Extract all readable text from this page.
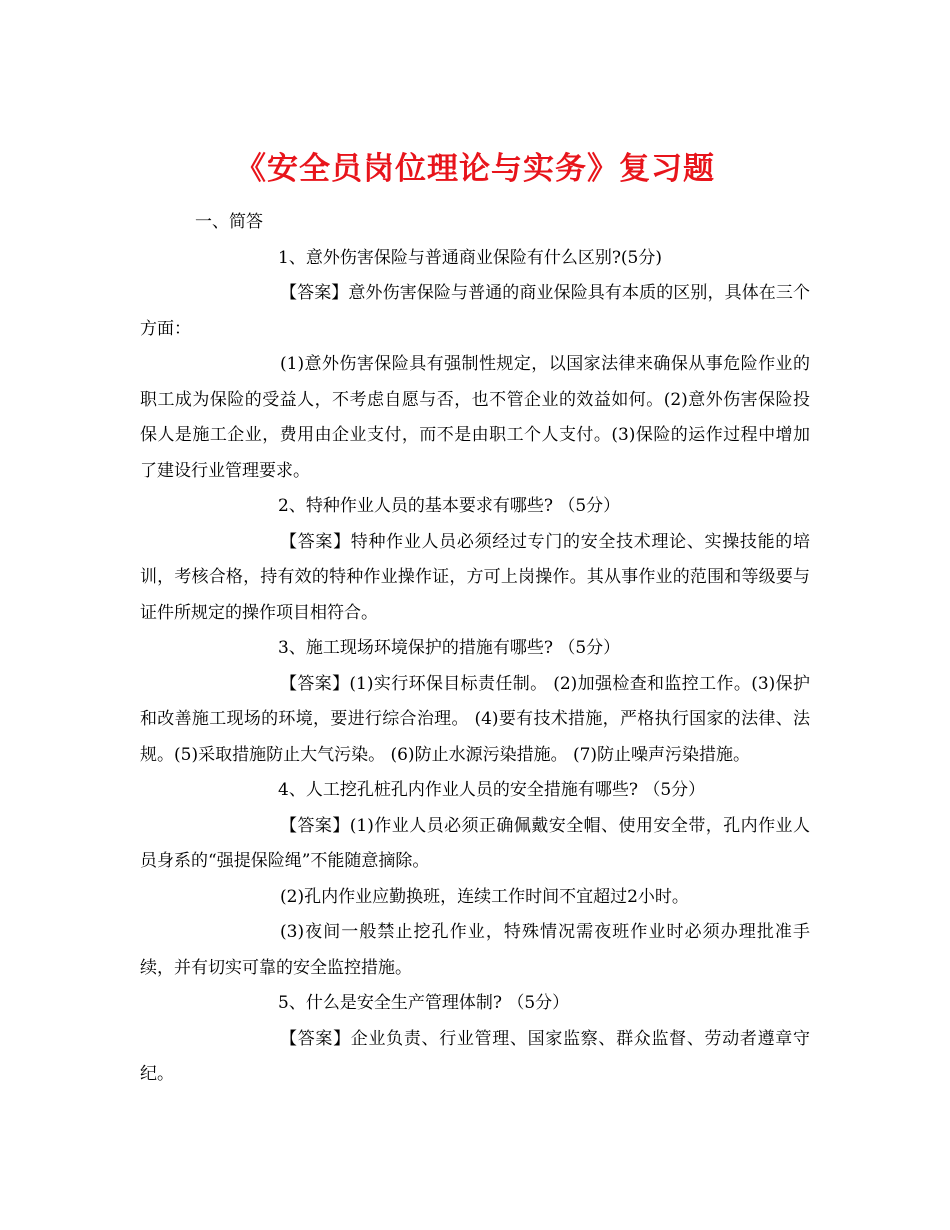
《安全员岗位理论与实务》复习题

一、简答

1、意外伤害保险与普通商业保险有什么区别?(5分)

【答案】意外伤害保险与普通的商业保险具有本质的区别，具体在三个方面：

(1)意外伤害保险具有强制性规定，以国家法律来确保从事危险作业的职工成为保险的受益人，不考虑自愿与否，也不管企业的效益如何。(2)意外伤害保险投保人是施工企业，费用由企业支付，而不是由职工个人支付。(3)保险的运作过程中增加了建设行业管理要求。

2、特种作业人员的基本要求有哪些? （5分）

【答案】特种作业人员必须经过专门的安全技术理论、实操技能的培训，考核合格，持有效的特种作业操作证，方可上岗操作。其从事作业的范围和等级要与证件所规定的操作项目相符合。

3、施工现场环境保护的措施有哪些? （5分）

【答案】(1)实行环保目标责任制。 (2)加强检查和监控工作。(3)保护和改善施工现场的环境，要进行综合治理。 (4)要有技术措施，严格执行国家的法律、法规。(5)采取措施防止大气污染。 (6)防止水源污染措施。 (7)防止噪声污染措施。

4、人工挖孔桩孔内作业人员的安全措施有哪些? （5分）

【答案】(1)作业人员必须正确佩戴安全帽、使用安全带，孔内作业人员身系的“强提保险绳”不能随意摘除。

(2)孔内作业应勤换班，连续工作时间不宜超过2小时。

(3)夜间一般禁止挖孔作业，特殊情况需夜班作业时必须办理批准手续，并有切实可靠的安全监控措施。

5、什么是安全生产管理体制? （5分）

【答案】企业负责、行业管理、国家监察、群众监督、劳动者遵章守纪。
